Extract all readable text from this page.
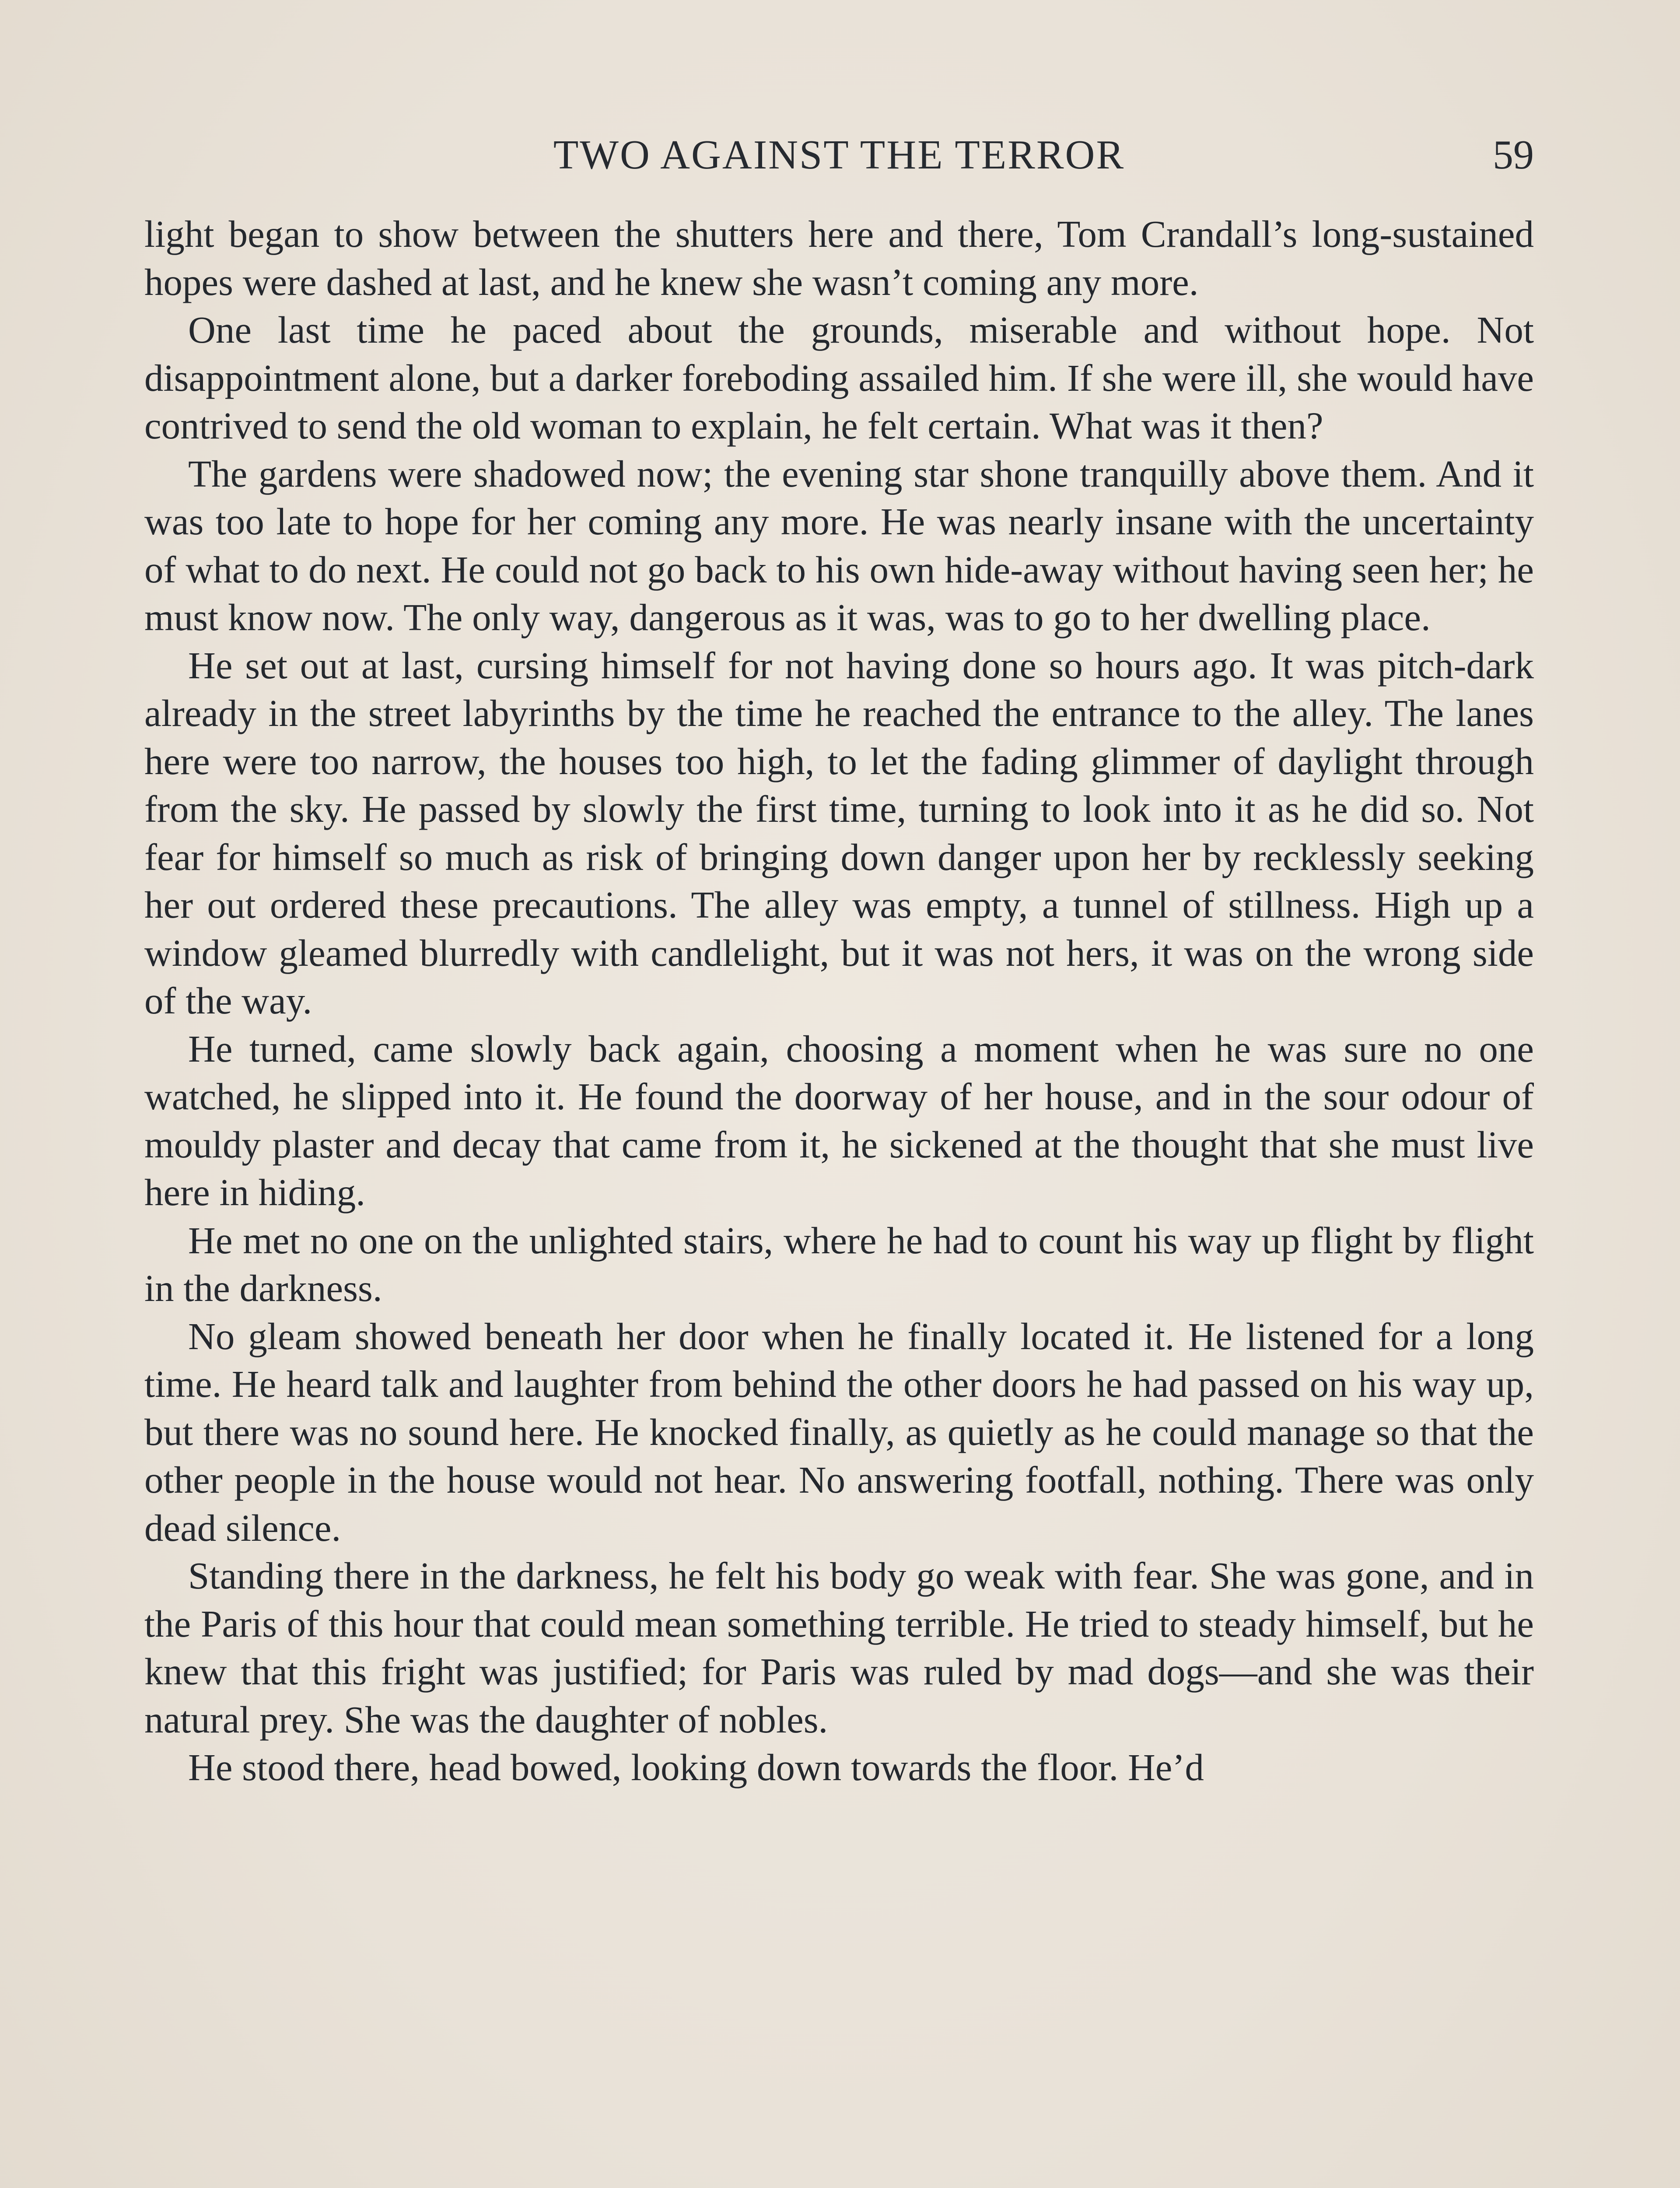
TWO AGAINST THE TERROR	59

light began to show between the shutters here and there, Tom Crandall’s long-sustained hopes were dashed at last, and he knew she wasn’t coming any more.

One last time he paced about the grounds, miserable and without hope. Not disappointment alone, but a darker foreboding assailed him. If she were ill, she would have contrived to send the old woman to explain, he felt certain. What was it then?

The gardens were shadowed now; the evening star shone tranquilly above them. And it was too late to hope for her coming any more. He was nearly insane with the uncertainty of what to do next. He could not go back to his own hide-away without having seen her; he must know now. The only way, dangerous as it was, was to go to her dwelling place.

He set out at last, cursing himself for not having done so hours ago. It was pitch-dark already in the street labyrinths by the time he reached the entrance to the alley. The lanes here were too narrow, the houses too high, to let the fading glimmer of daylight through from the sky. He passed by slowly the first time, turning to look into it as he did so. Not fear for himself so much as risk of bringing down danger upon her by recklessly seeking her out ordered these precautions. The alley was empty, a tunnel of stillness. High up a window gleamed blurredly with candlelight, but it was not hers, it was on the wrong side of the way.

He turned, came slowly back again, choosing a moment when he was sure no one watched, he slipped into it. He found the doorway of her house, and in the sour odour of mouldy plaster and decay that came from it, he sickened at the thought that she must live here in hiding.

He met no one on the unlighted stairs, where he had to count his way up flight by flight in the darkness.

No gleam showed beneath her door when he finally located it. He listened for a long time. He heard talk and laughter from behind the other doors he had passed on his way up, but there was no sound here. He knocked finally, as quietly as he could manage so that the other people in the house would not hear. No answering footfall, nothing. There was only dead silence.

Standing there in the darkness, he felt his body go weak with fear. She was gone, and in the Paris of this hour that could mean something terrible. He tried to steady himself, but he knew that this fright was justified; for Paris was ruled by mad dogs—and she was their natural prey. She was the daughter of nobles.

He stood there, head bowed, looking down towards the floor. He’d
